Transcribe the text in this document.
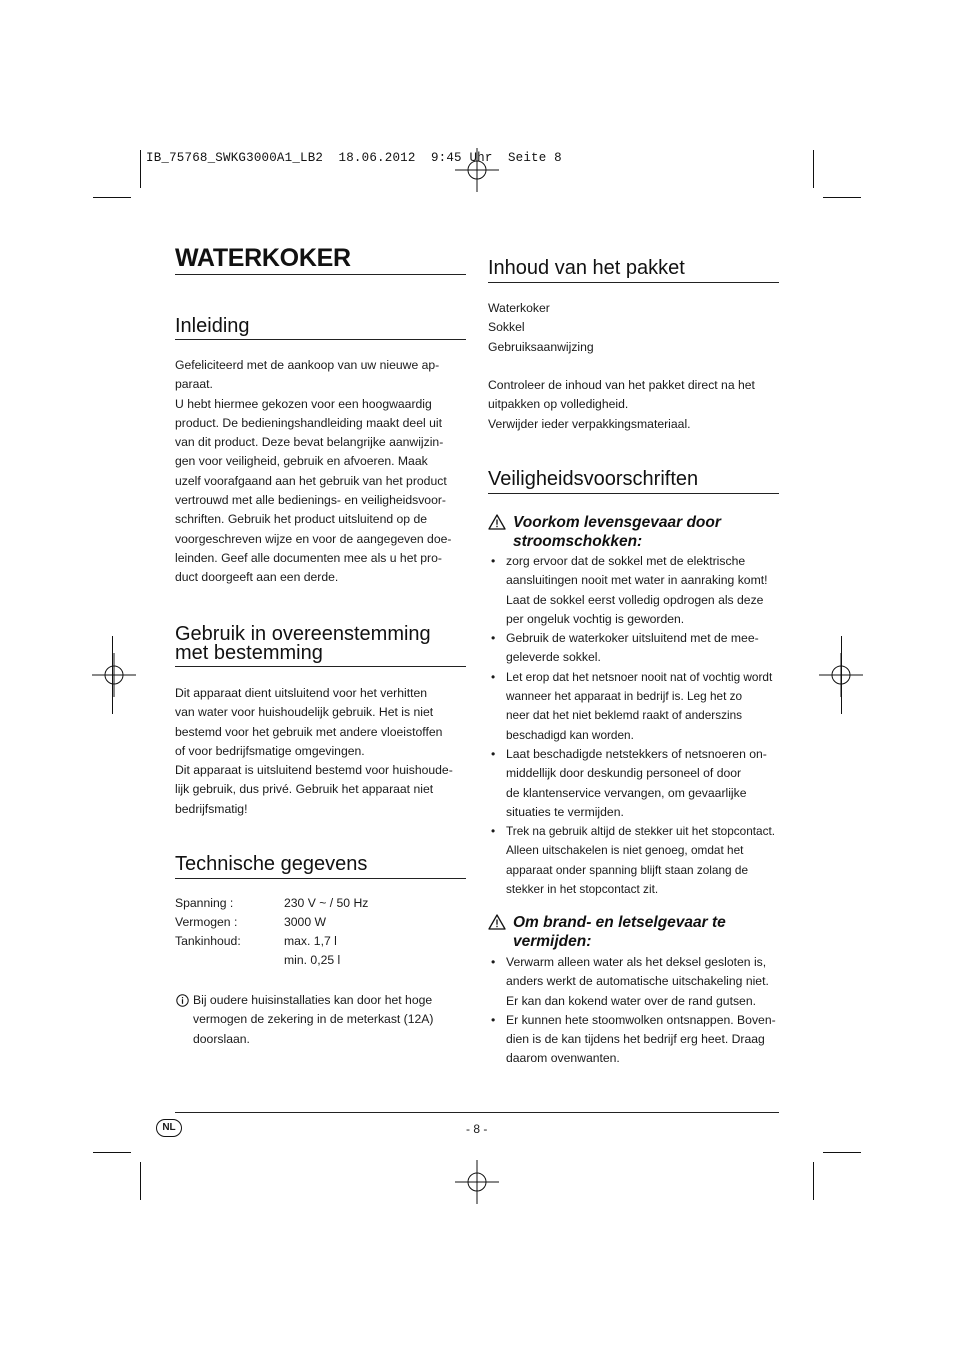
IB_75768_SWKG3000A1_LB2  18.06.2012  9:45 Uhr  Seite 8
WATERKOKER
Inleiding

Gefeliciteerd met de aankoop van uw nieuwe ap-

paraat.

U hebt hiermee gekozen voor een hoogwaardig

product. De bedieningshandleiding maakt deel uit

van dit product. Deze bevat belangrijke aanwijzin-

gen voor veiligheid, gebruik en afvoeren. Maak

uzelf voorafgaand aan het gebruik van het product

vertrouwd met alle bedienings- en veiligheidsvoor-

schriften. Gebruik het product uitsluitend op de

voorgeschreven wijze en voor de aangegeven doe-

leinden. Geef alle documenten mee als u het pro-

duct doorgeeft aan een derde.

Gebruik in overeenstemming
met bestemming

Dit apparaat dient uitsluitend voor het verhitten

van water voor huishoudelijk gebruik. Het is niet

bestemd voor het gebruik met andere vloeistoffen

of voor bedrijfsmatige omgevingen.

Dit apparaat is uitsluitend bestemd voor huishoude-

lijk gebruik, dus privé. Gebruik het apparaat niet

bedrijfsmatig!

Technische gegevens
Spanning :	230 V ~ / 50 Hz
Vermogen :	3000 W
Tankinhoud:	max. 1,7 l
min. 0,25 l

Bij oudere huisinstallaties kan door het hoge

vermogen de zekering in de meterkast (12A)

doorslaan.

Inhoud van het pakket

Waterkoker

Sokkel

Gebruiksaanwijzing

Controleer de inhoud van het pakket direct na het

uitpakken op volledigheid.

Verwijder ieder verpakkingsmateriaal.

Veiligheidsvoorschriften
Voorkom levensgevaar door
stroomschokken:
• zorg ervoor dat de sokkel met de elektrische
aansluitingen nooit met water in aanraking komt!
Laat de sokkel eerst volledig opdrogen als deze
per ongeluk vochtig is geworden.
• Gebruik de waterkoker uitsluitend met de mee-
geleverde sokkel.
• Let erop dat het netsnoer nooit nat of vochtig wordt
wanneer het apparaat in bedrijf is. Leg het zo
neer dat het niet beklemd raakt of anderszins
beschadigd kan worden.
• Laat beschadigde netstekkers of netsnoeren on-
middellijk door deskundig personeel of door
de klantenservice vervangen, om gevaarlijke
situaties te vermijden.
• Trek na gebruik altijd de stekker uit het stopcontact.
Alleen uitschakelen is niet genoeg, omdat het
apparaat onder spanning blijft staan zolang de
stekker in het stopcontact zit.
Om brand- en letselgevaar te
vermijden:
• Verwarm alleen water als het deksel gesloten is,
anders werkt de automatische uitschakeling niet.
Er kan dan kokend water over de rand gutsen.
• Er kunnen hete stoomwolken ontsnappen. Boven-
dien is de kan tijdens het bedrijf erg heet. Draag
daarom ovenwanten.
NL	- 8 -
